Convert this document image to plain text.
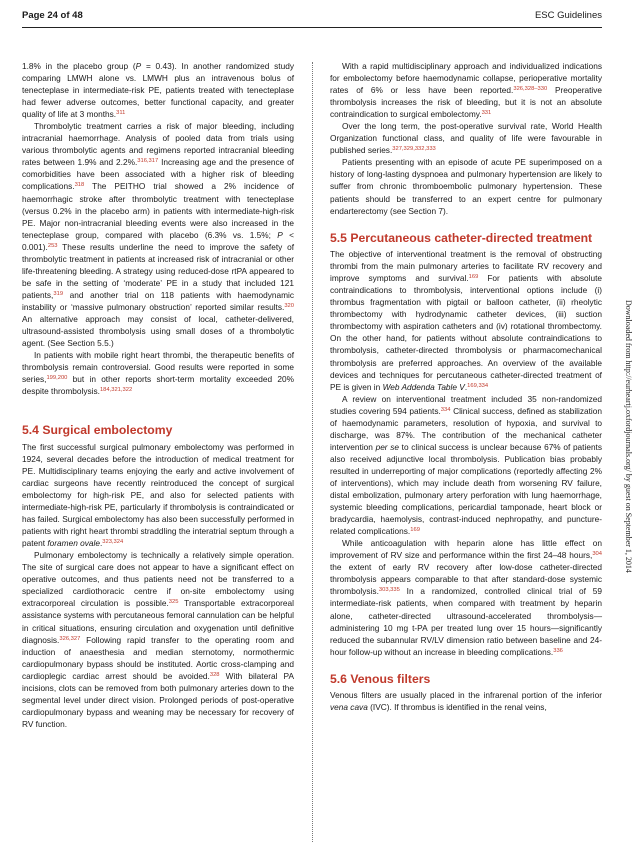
Page 24 of 48	ESC Guidelines

1.8% in the placebo group (P = 0.43). In another randomized study comparing LMWH alone vs. LMWH plus an intravenous bolus of tenecteplase in intermediate-risk PE, patients treated with tenecteplase had fewer adverse outcomes, better functional capacity, and greater quality of life at 3 months.$^{311}$

Thrombolytic treatment carries a risk of major bleeding, including intracranial haemorrhage. Analysis of pooled data from trials using various thrombolytic agents and regimens reported intracranial bleeding rates between 1.9% and 2.2%.$^{316,317}$ Increasing age and the presence of comorbidities have been associated with a higher risk of bleeding complications.$^{318}$ The PEITHO trial showed a 2% incidence of haemorrhagic stroke after thrombolytic treatment with tenecteplase (versus 0.2% in the placebo arm) in patients with intermediate-high-risk PE. Major non-intracranial bleeding events were also increased in the tenecteplase group, compared with placebo (6.3% vs. 1.5%; P < 0.001).$^{253}$ These results underline the need to improve the safety of thrombolytic treatment in patients at increased risk of intracranial or other life-threatening bleeding. A strategy using reduced-dose rtPA appeared to be safe in the setting of ‘moderate’ PE in a study that included 121 patients,$^{319}$ and another trial on 118 patients with haemodynamic instability or ‘massive pulmonary obstruction’ reported similar results.$^{320}$ An alternative approach may consist of local, catheter-delivered, ultrasound-assisted thrombolysis using small doses of a thrombolytic agent. (See Section 5.5.)

In patients with mobile right heart thrombi, the therapeutic benefits of thrombolysis remain controversial. Good results were reported in some series,$^{199,200}$ but in other reports short-term mortality exceeded 20% despite thrombolysis.$^{184,321,322}$

5.4 Surgical embolectomy

The first successful surgical pulmonary embolectomy was performed in 1924, several decades before the introduction of medical treatment for PE. Multidisciplinary teams enjoying the early and active involvement of cardiac surgeons have recently reintroduced the concept of surgical embolectomy for high-risk PE, and also for selected patients with intermediate-high-risk PE, particularly if thrombolysis is contraindicated or has failed. Surgical embolectomy has also been successfully performed in patients with right heart thrombi straddling the interatrial septum through a patent foramen ovale.$^{323,324}$

Pulmonary embolectomy is technically a relatively simple operation. The site of surgical care does not appear to have a significant effect on operative outcomes, and thus patients need not be transferred to a specialized cardiothoracic centre if on-site embolectomy using extracorporeal circulation is possible.$^{325}$ Transportable extracorporeal assistance systems with percutaneous femoral cannulation can be helpful in critical situations, ensuring circulation and oxygenation until definitive diagnosis.$^{326,327}$ Following rapid transfer to the operating room and induction of anaesthesia and median sternotomy, normothermic cardiopulmonary bypass should be instituted. Aortic cross-clamping and cardioplegic cardiac arrest should be avoided.$^{328}$ With bilateral PA incisions, clots can be removed from both pulmonary arteries down to the segmental level under direct vision. Prolonged periods of post-operative cardiopulmonary bypass and weaning may be necessary for recovery of RV function.

With a rapid multidisciplinary approach and individualized indications for embolectomy before haemodynamic collapse, perioperative mortality rates of 6% or less have been reported.$^{326,328-330}$ Preoperative thrombolysis increases the risk of bleeding, but it is not an absolute contraindication to surgical embolectomy.$^{331}$

Over the long term, the post-operative survival rate, World Health Organization functional class, and quality of life were favourable in published series.$^{327,329,332,333}$

Patients presenting with an episode of acute PE superimposed on a history of long-lasting dyspnoea and pulmonary hypertension are likely to suffer from chronic thromboembolic pulmonary hypertension. These patients should be transferred to an expert centre for pulmonary endarterectomy (see Section 7).

5.5 Percutaneous catheter-directed treatment

The objective of interventional treatment is the removal of obstructing thrombi from the main pulmonary arteries to facilitate RV recovery and improve symptoms and survival.$^{169}$ For patients with absolute contraindications to thrombolysis, interventional options include (i) thrombus fragmentation with pigtail or balloon catheter, (ii) rheolytic thrombectomy with hydrodynamic catheter devices, (iii) suction thrombectomy with aspiration catheters and (iv) rotational thrombectomy. On the other hand, for patients without absolute contraindications to thrombolysis, catheter-directed thrombolysis or pharmacomechanical thrombolysis are preferred approaches. An overview of the available devices and techniques for percutaneous catheter-directed treatment of PE is given in Web Addenda Table V.$^{169,334}$

A review on interventional treatment included 35 non-randomized studies covering 594 patients.$^{334}$ Clinical success, defined as stabilization of haemodynamic parameters, resolution of hypoxia, and survival to discharge, was 87%. The contribution of the mechanical catheter intervention per se to clinical success is unclear because 67% of patients also received adjunctive local thrombolysis. Publication bias probably resulted in underreporting of major complications (reportedly affecting 2% of interventions), which may include death from worsening RV failure, distal embolization, pulmonary artery perforation with lung haemorrhage, systemic bleeding complications, pericardial tamponade, heart block or bradycardia, haemolysis, contrast-induced nephropathy, and puncture-related complications.$^{169}$

While anticoagulation with heparin alone has little effect on improvement of RV size and performance within the first 24–48 hours,$^{304}$ the extent of early RV recovery after low-dose catheter-directed thrombolysis appears comparable to that after standard-dose systemic thrombolysis.$^{303,335}$ In a randomized, controlled clinical trial of 59 intermediate-risk patients, when compared with treatment by heparin alone, catheter-directed ultrasound-accelerated thrombolysis—administering 10 mg t-PA per treated lung over 15 hours—significantly reduced the subannular RV/LV dimension ratio between baseline and 24-hour follow-up without an increase in bleeding complications.$^{336}$

5.6 Venous filters

Venous filters are usually placed in the infrarenal portion of the inferior vena cava (IVC). If thrombus is identified in the renal veins,

Downloaded from http://eurheartj.oxfordjournals.org/ by guest on September 1, 2014
